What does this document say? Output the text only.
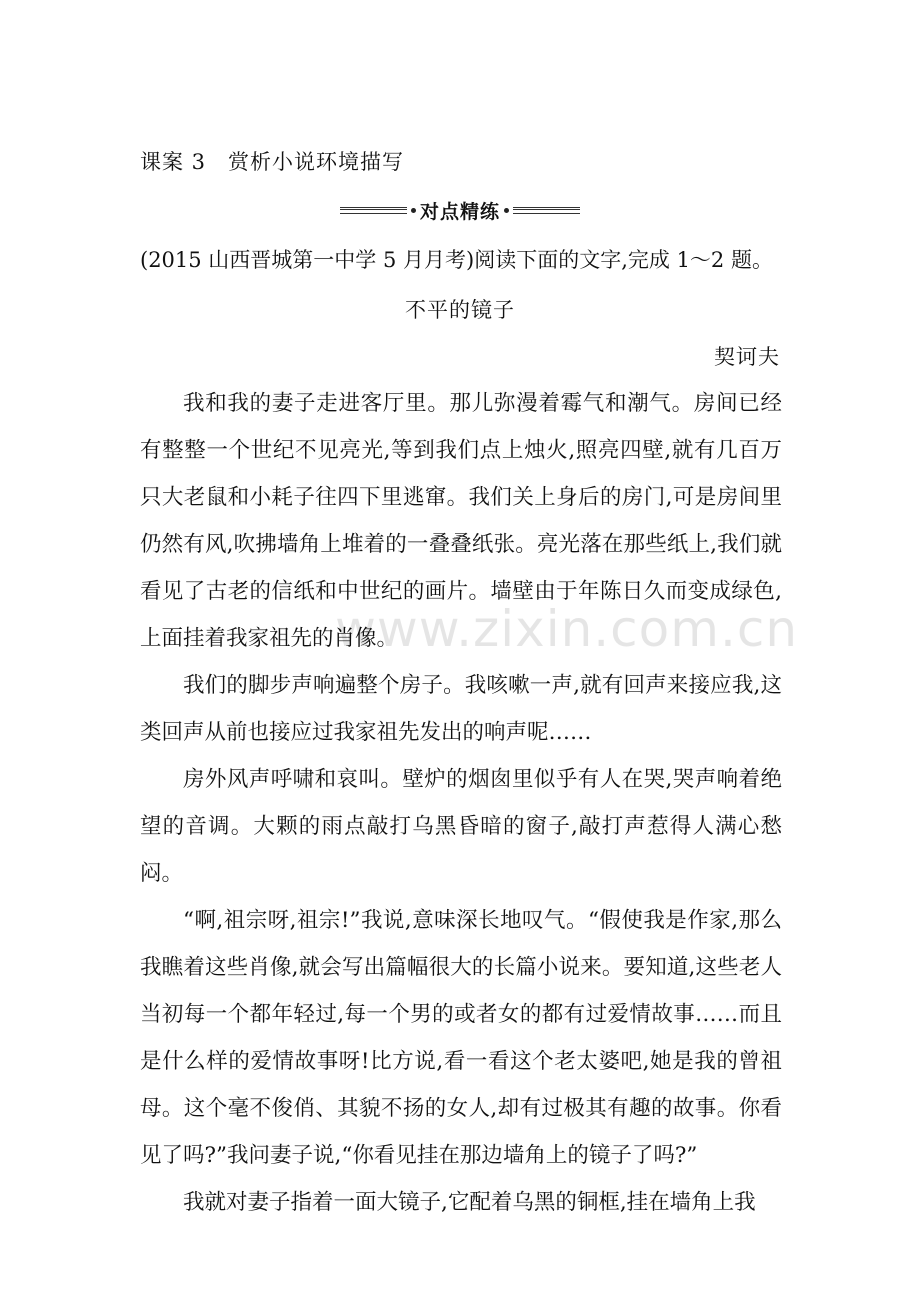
课案 3　赏析小说环境描写
对点精练
(2015 山西晋城第一中学 5 月月考)阅读下面的文字,完成 1～2 题。
不平的镜子
契诃夫

我和我的妻子走进客厅里。那儿弥漫着霉气和潮气。房间已经有整整一个世纪不见亮光,等到我们点上烛火,照亮四壁,就有几百万只大老鼠和小耗子往四下里逃窜。我们关上身后的房门,可是房间里仍然有风,吹拂墙角上堆着的一叠叠纸张。亮光落在那些纸上,我们就看见了古老的信纸和中世纪的画片。墙壁由于年陈日久而变成绿色,上面挂着我家祖先的肖像。

我们的脚步声响遍整个房子。我咳嗽一声,就有回声来接应我,这类回声从前也接应过我家祖先发出的响声呢……

房外风声呼啸和哀叫。壁炉的烟囱里似乎有人在哭,哭声响着绝望的音调。大颗的雨点敲打乌黑昏暗的窗子,敲打声惹得人满心愁闷。

“啊,祖宗呀,祖宗!”我说,意味深长地叹气。“假使我是作家,那么我瞧着这些肖像,就会写出篇幅很大的长篇小说来。要知道,这些老人当初每一个都年轻过,每一个男的或者女的都有过爱情故事……而且是什么样的爱情故事呀!比方说,看一看这个老太婆吧,她是我的曾祖母。这个毫不俊俏、其貌不扬的女人,却有过极其有趣的故事。你看见了吗?”我问妻子说,“你看见挂在那边墙角上的镜子了吗?”

我就对妻子指着一面大镜子,它配着乌黑的铜框,挂在墙角上我

www.zixin.com.cn
